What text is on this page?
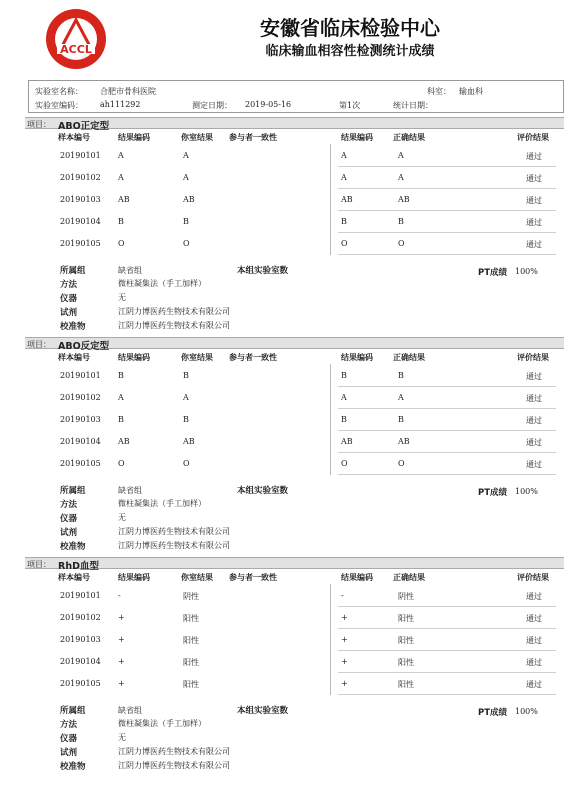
ACCL
安徽省临床检验中心
临床输血相容性检测统计成绩
实验室名称： 合肥市骨科医院	科室： 输血科
实验室编码： ah111292	测定日期： 2019-05-16	第1次	统计日期：
项目： ABO正定型
样本编号	结果编码	你室结果 参与者一致性	结果编码	正确结果	评价结果
20190101 A	A	A	A	通过
20190102 A	A	A	A	通过
20190103 AB	AB	AB	AB	通过
20190104 B	B	B	B	通过
20190105 O	O	O	O	通过
所属组	缺省组	本组实验室数	PT成绩 100%
方法	微柱凝集法（手工加样）
仪器	无
试剂	江阴力博医药生物技术有限公司
校准物	江阴力博医药生物技术有限公司
项目： ABO反定型
样本编号	结果编码	你室结果 参与者一致性	结果编码	正确结果	评价结果
20190101 B	B	B	B	通过
20190102 A	A	A	A	通过
20190103 B	B	B	B	通过
20190104 AB	AB	AB	AB	通过
20190105 O	O	O	O	通过
所属组	缺省组	本组实验室数	PT成绩 100%
方法	微柱凝集法（手工加样）
仪器	无
试剂	江阴力博医药生物技术有限公司
校准物	江阴力博医药生物技术有限公司
项目： RhD血型
样本编号	结果编码	你室结果 参与者一致性	结果编码	正确结果	评价结果
20190101 -	阴性	-	阴性	通过
20190102 +	阳性	+	阳性	通过
20190103 +	阳性	+	阳性	通过
20190104 +	阳性	+	阳性	通过
20190105 +	阳性	+	阳性	通过
所属组	缺省组	本组实验室数	PT成绩 100%
方法	微柱凝集法（手工加样）
仪器	无
试剂	江阴力博医药生物技术有限公司
校准物	江阴力博医药生物技术有限公司
